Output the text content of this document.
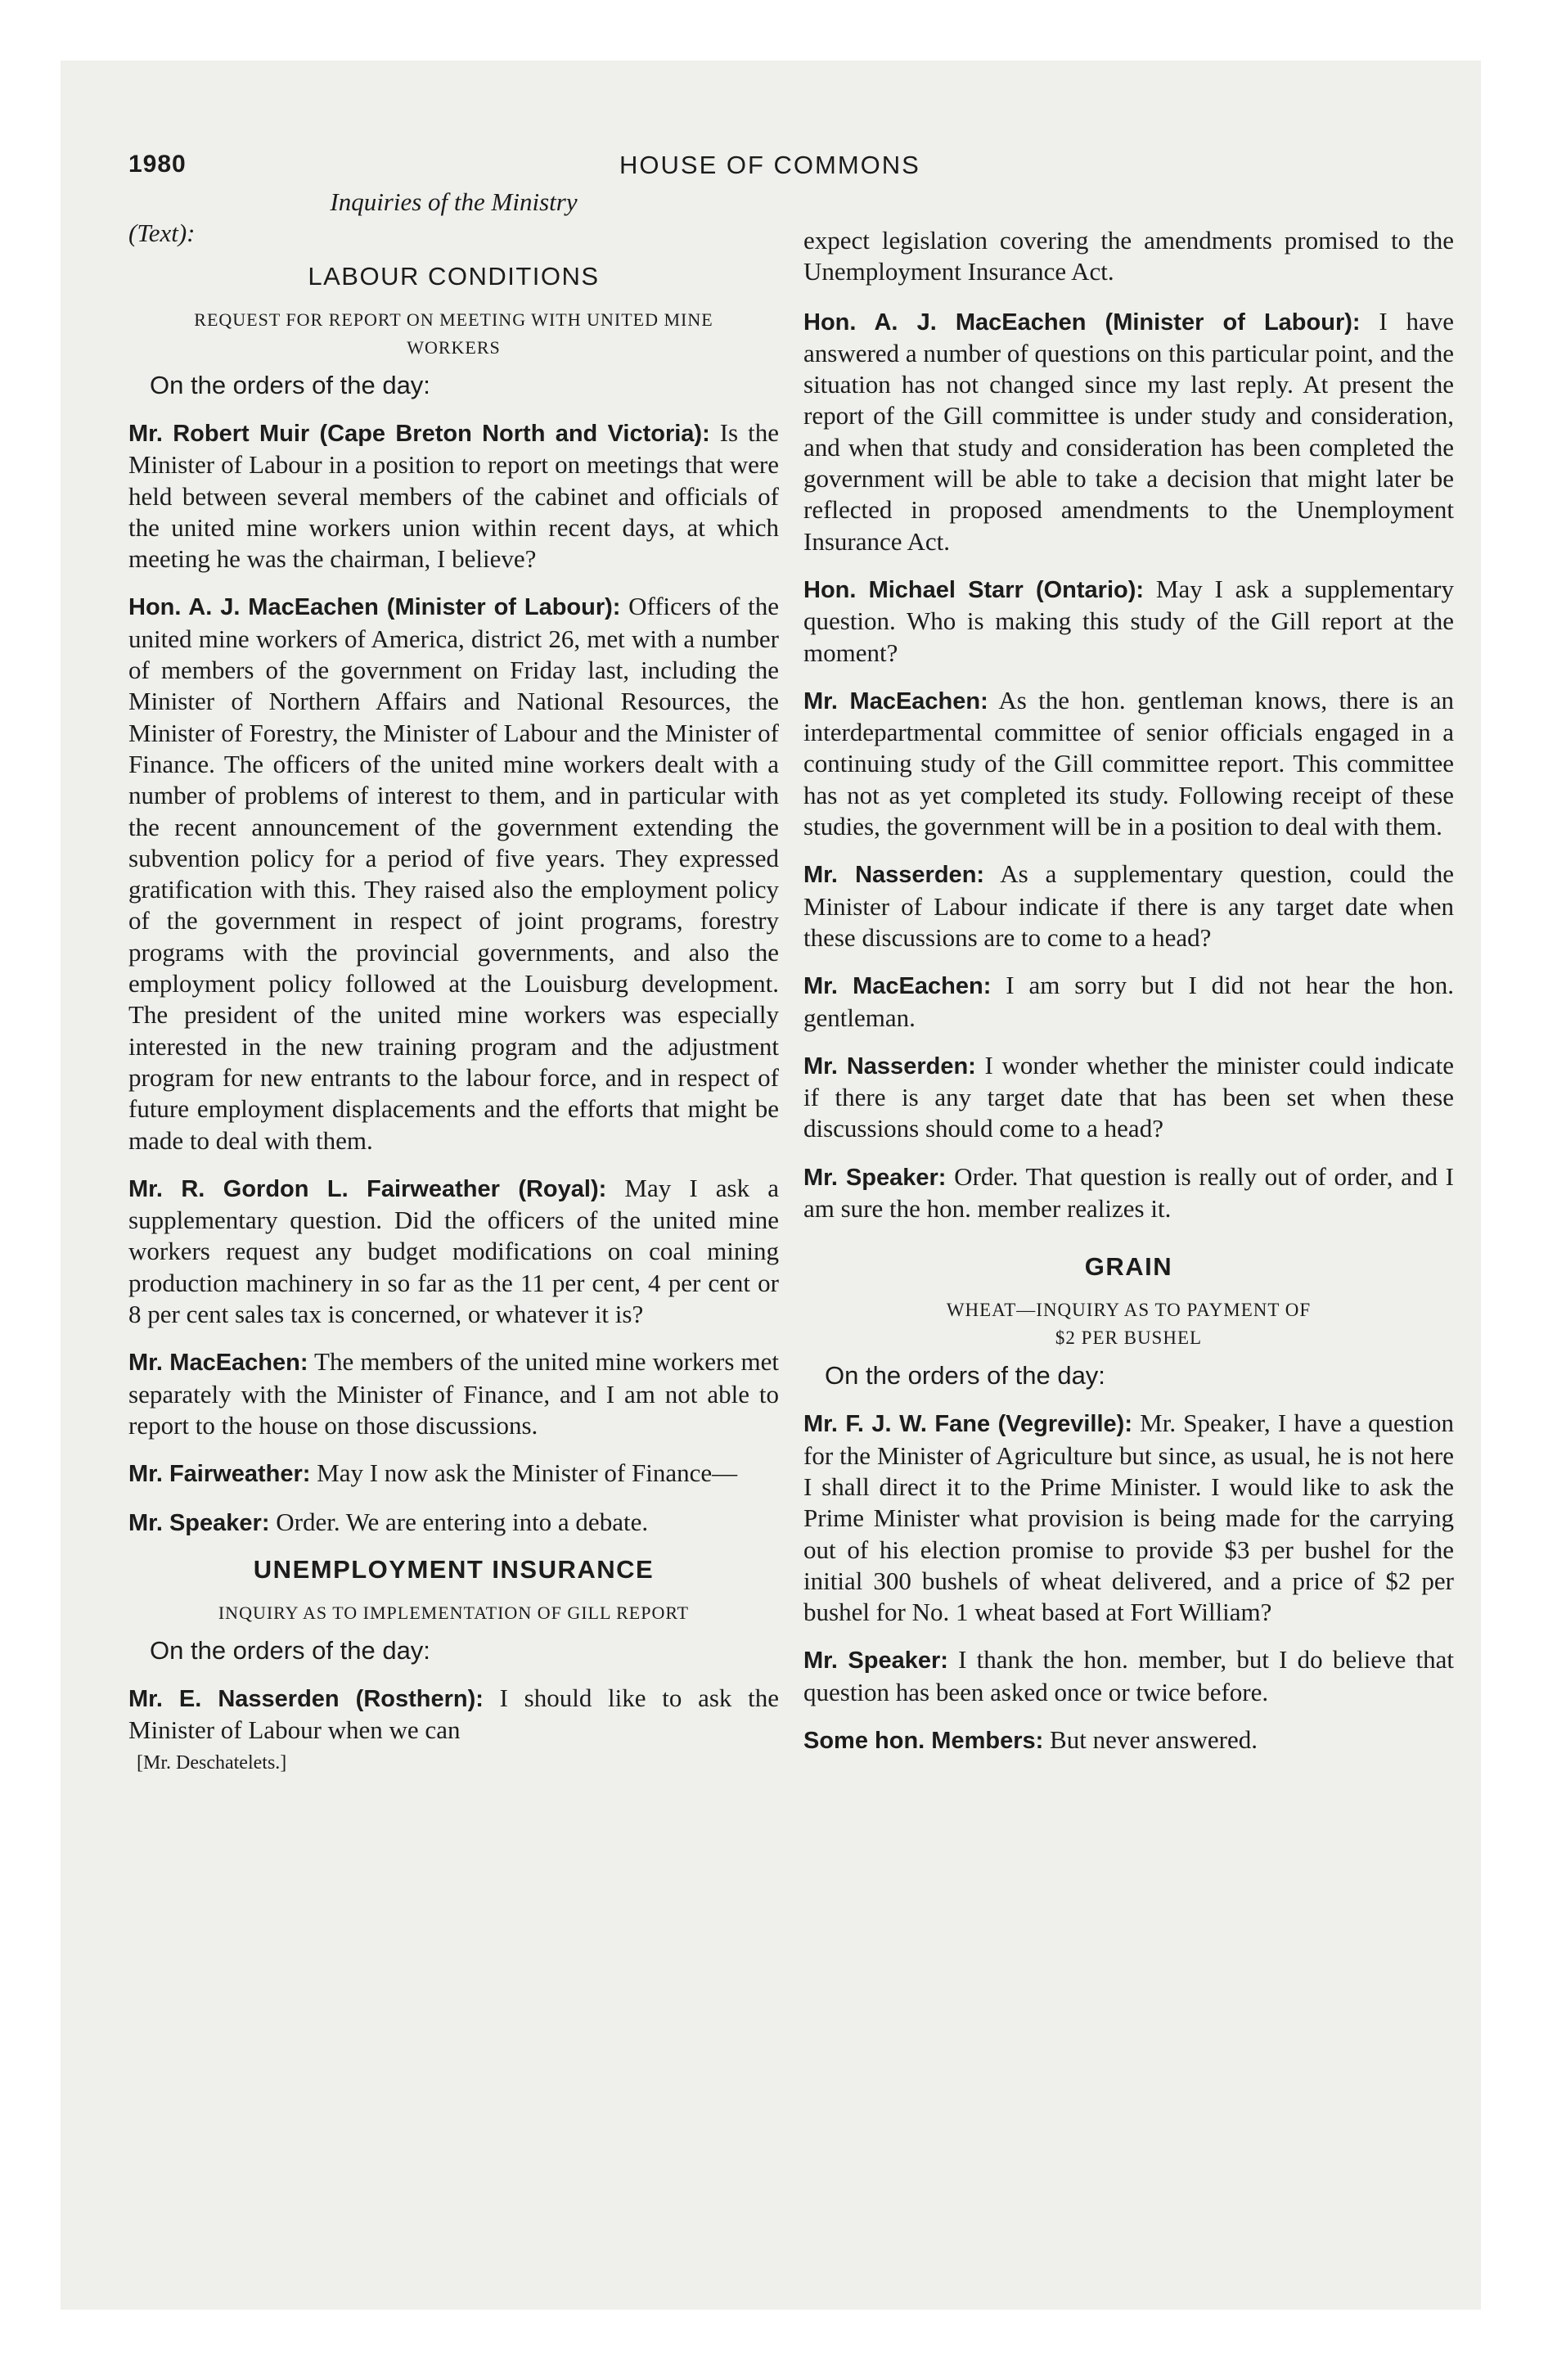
1980	HOUSE OF COMMONS

Inquiries of the Ministry

(Text):

LABOUR CONDITIONS
REQUEST FOR REPORT ON MEETING WITH UNITED MINE WORKERS
On the orders of the day:

Mr. Robert Muir (Cape Breton North and Victoria): Is the Minister of Labour in a position to report on meetings that were held between several members of the cabinet and officials of the united mine workers union within recent days, at which meeting he was the chairman, I believe?

Hon. A. J. MacEachen (Minister of Labour): Officers of the united mine workers of America, district 26, met with a number of members of the government on Friday last, including the Minister of Northern Affairs and National Resources, the Minister of Forestry, the Minister of Labour and the Minister of Finance. The officers of the united mine workers dealt with a number of problems of interest to them, and in particular with the recent announcement of the government extending the subvention policy for a period of five years. They expressed gratification with this. They raised also the employment policy of the government in respect of joint programs, forestry programs with the provincial governments, and also the employment policy followed at the Louisburg development. The president of the united mine workers was especially interested in the new training program and the adjustment program for new entrants to the labour force, and in respect of future employment displacements and the efforts that might be made to deal with them.

Mr. R. Gordon L. Fairweather (Royal): May I ask a supplementary question. Did the officers of the united mine workers request any budget modifications on coal mining production machinery in so far as the 11 per cent, 4 per cent or 8 per cent sales tax is concerned, or whatever it is?

Mr. MacEachen: The members of the united mine workers met separately with the Minister of Finance, and I am not able to report to the house on those discussions.

Mr. Fairweather: May I now ask the Minister of Finance—

Mr. Speaker: Order. We are entering into a debate.

UNEMPLOYMENT INSURANCE
INQUIRY AS TO IMPLEMENTATION OF GILL REPORT
On the orders of the day:

Mr. E. Nasserden (Rosthern): I should like to ask the Minister of Labour when we can

[Mr. Deschatelets.]

expect legislation covering the amendments promised to the Unemployment Insurance Act.

Hon. A. J. MacEachen (Minister of Labour): I have answered a number of questions on this particular point, and the situation has not changed since my last reply. At present the report of the Gill committee is under study and consideration, and when that study and consideration has been completed the government will be able to take a decision that might later be reflected in proposed amendments to the Unemployment Insurance Act.

Hon. Michael Starr (Ontario): May I ask a supplementary question. Who is making this study of the Gill report at the moment?

Mr. MacEachen: As the hon. gentleman knows, there is an interdepartmental committee of senior officials engaged in a continuing study of the Gill committee report. This committee has not as yet completed its study. Following receipt of these studies, the government will be in a position to deal with them.

Mr. Nasserden: As a supplementary question, could the Minister of Labour indicate if there is any target date when these discussions are to come to a head?

Mr. MacEachen: I am sorry but I did not hear the hon. gentleman.

Mr. Nasserden: I wonder whether the minister could indicate if there is any target date that has been set when these discussions should come to a head?

Mr. Speaker: Order. That question is really out of order, and I am sure the hon. member realizes it.

GRAIN
WHEAT—INQUIRY AS TO PAYMENT OF
$2 PER BUSHEL
On the orders of the day:

Mr. F. J. W. Fane (Vegreville): Mr. Speaker, I have a question for the Minister of Agriculture but since, as usual, he is not here I shall direct it to the Prime Minister. I would like to ask the Prime Minister what provision is being made for the carrying out of his election promise to provide $3 per bushel for the initial 300 bushels of wheat delivered, and a price of $2 per bushel for No. 1 wheat based at Fort William?

Mr. Speaker: I thank the hon. member, but I do believe that question has been asked once or twice before.

Some hon. Members: But never answered.
